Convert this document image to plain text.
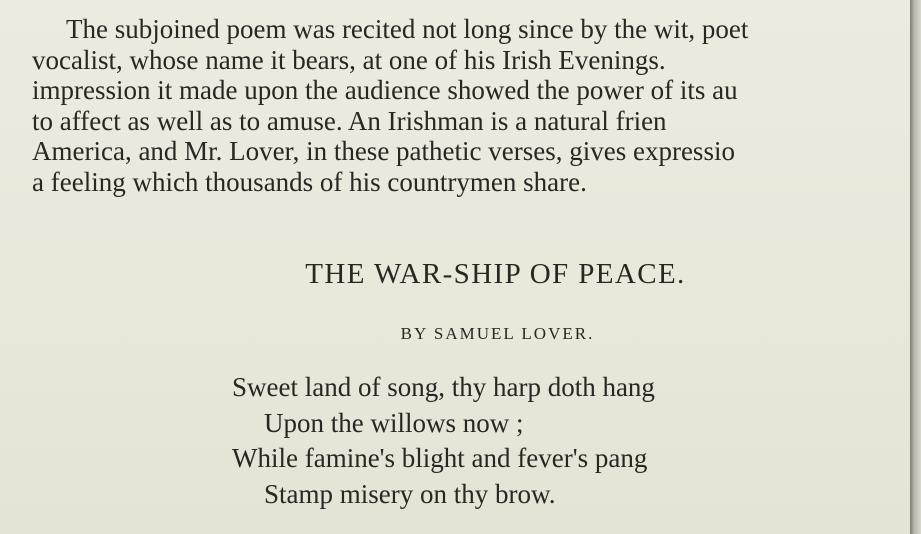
The subjoined poem was recited not long since by the wit, poet
vocalist, whose name it bears, at one of his Irish Evenings.
impression it made upon the audience showed the power of its au
to affect as well as to amuse. An Irishman is a natural frien
America, and Mr. Lover, in these pathetic verses, gives expressio
a feeling which thousands of his countrymen share.
THE WAR-SHIP OF PEACE.
BY SAMUEL LOVER.
Sweet land of song, thy harp doth hang
Upon the willows now ;
While famine's blight and fever's pang
Stamp misery on thy brow.
